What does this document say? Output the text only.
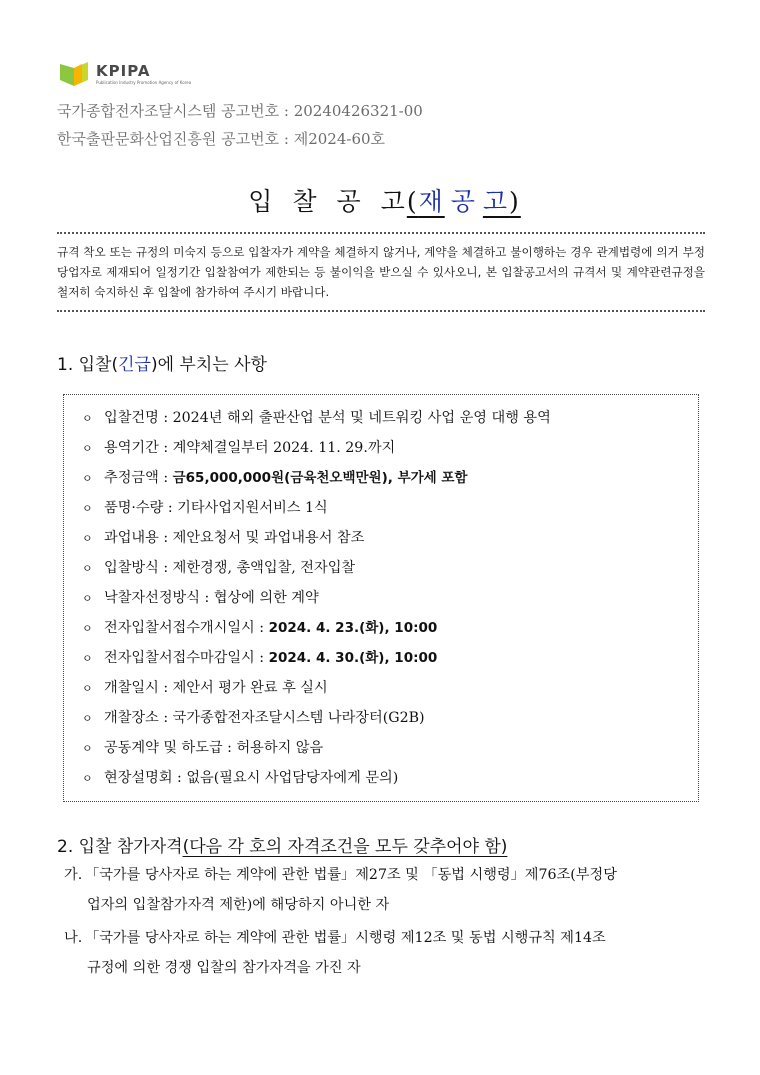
KPIPA
Publication Industry Promotion Agency of Korea
국가종합전자조달시스템 공고번호 : 20240426321-00
한국출판문화산업진흥원 공고번호 : 제2024-60호
입 찰 공 고(재 공 고)
규격 착오 또는 규정의 미숙지 등으로 입찰자가 계약을 체결하지 않거나, 계약을 체결하고 불이행하는 경우 관계법령에 의거 부정당업자로 제재되어 일정기간 입찰참여가 제한되는 등 불이익을 받으실 수 있사오니, 본 입찰공고서의 규격서 및 계약관련규정을 철저히 숙지하신 후 입찰에 참가하여 주시기 바랍니다.
1. 입찰(긴급)에 부치는 사항
ㅇ 입찰건명 : 2024년 해외 출판산업 분석 및 네트워킹 사업 운영 대행 용역
ㅇ 용역기간 : 계약체결일부터 2024. 11. 29.까지
ㅇ 추정금액 : 금65,000,000원(금육천오백만원), 부가세 포함
ㅇ 품명·수량 : 기타사업지원서비스 1식
ㅇ 과업내용 : 제안요청서 및 과업내용서 참조
ㅇ 입찰방식 : 제한경쟁, 총액입찰, 전자입찰
ㅇ 낙찰자선정방식 : 협상에 의한 계약
ㅇ 전자입찰서접수개시일시 : 2024. 4. 23.(화), 10:00
ㅇ 전자입찰서접수마감일시 : 2024. 4. 30.(화), 10:00
ㅇ 개찰일시 : 제안서 평가 완료 후 실시
ㅇ 개찰장소 : 국가종합전자조달시스템 나라장터(G2B)
ㅇ 공동계약 및 하도급 : 허용하지 않음
ㅇ 현장설명회 : 없음(필요시 사업담당자에게 문의)
2. 입찰 참가자격(다음 각 호의 자격조건을 모두 갖추어야 함)
가. 「국가를 당사자로 하는 계약에 관한 법률」제27조 및 「동법 시행령」제76조(부정당
업자의 입찰참가자격 제한)에 해당하지 아니한 자
나. 「국가를 당사자로 하는 계약에 관한 법률」시행령 제12조 및 동법 시행규칙 제14조
규정에 의한 경쟁 입찰의 참가자격을 가진 자
